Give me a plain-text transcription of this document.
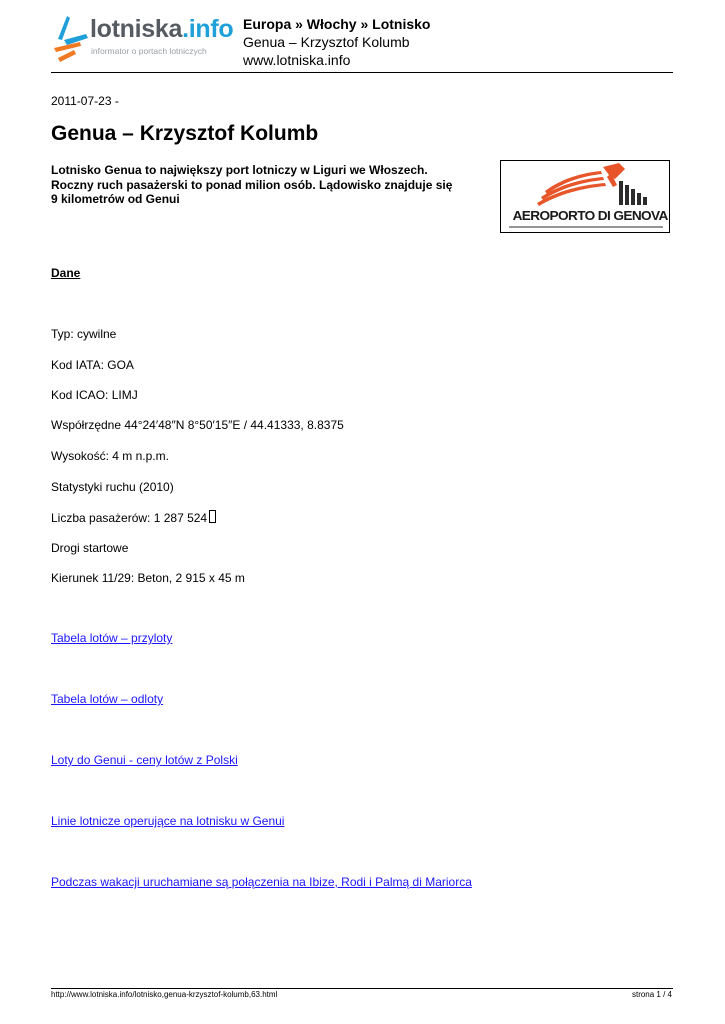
lotniska.info
informator o portach lotniczych
Europa » Włochy » Lotnisko
Genua – Krzysztof Kolumb
www.lotniska.info
2011-07-23 -
Genua – Krzysztof Kolumb
Lotnisko Genua to największy port lotniczy w Liguri we Włoszech. Roczny ruch pasażerski to ponad milion osób. Lądowisko znajduje się 9 kilometrów od Genui
AEROPORTO DI GENOVA
Dane
Typ: cywilne
Kod IATA: GOA
Kod ICAO: LIMJ
Współrzędne 44°24′48″N 8°50′15″E / 44.41333, 8.8375
Wysokość: 4 m n.p.m.
Statystyki ruchu (2010)
Liczba pasażerów: 1 287 524
Drogi startowe
Kierunek 11/29: Beton, 2 915 x 45 m
Tabela lotów – przyloty
Tabela lotów – odloty
Loty do Genui - ceny lotów z Polski
Linie lotnicze operujące na lotnisku w Genui
Podczas wakacji uruchamiane są połączenia na Ibize, Rodi i Palmą di Mariorca
http://www.lotniska.info/lotnisko,genua-krzysztof-kolumb,63.html	strona 1 / 4
